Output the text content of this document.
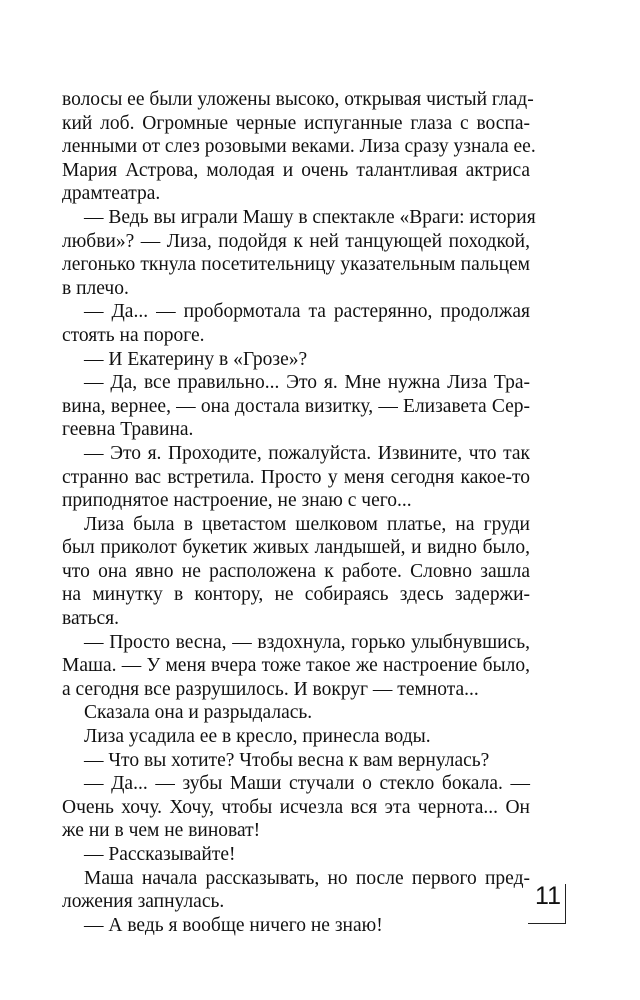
волосы ее были уложены высоко, открывая чистый глад-
кий лоб. Огромные черные испуганные глаза с воспа-
ленными от слез розовыми веками. Лиза сразу узнала ее.
Мария Астрова, молодая и очень талантливая актриса
драмтеатра.
— Ведь вы играли Машу в спектакле «Враги: история
любви»? — Лиза, подойдя к ней танцующей походкой,
легонько ткнула посетительницу указательным пальцем
в плечо.
— Да... — пробормотала та растерянно, продолжая
стоять на пороге.
— И Екатерину в «Грозе»?
— Да, все правильно... Это я. Мне нужна Лиза Тра-
вина, вернее, — она достала визитку, — Елизавета Сер-
геевна Травина.
— Это я. Проходите, пожалуйста. Извините, что так
странно вас встретила. Просто у меня сегодня какое-то
приподнятое настроение, не знаю с чего...
Лиза была в цветастом шелковом платье, на груди
был приколот букетик живых ландышей, и видно было,
что она явно не расположена к работе. Словно зашла
на минутку в контору, не собираясь здесь задержи-
ваться.
— Просто весна, — вздохнула, горько улыбнувшись,
Маша. — У меня вчера тоже такое же настроение было,
а сегодня все разрушилось. И вокруг — темнота...
Сказала она и разрыдалась.
Лиза усадила ее в кресло, принесла воды.
— Что вы хотите? Чтобы весна к вам вернулась?
— Да... — зубы Маши стучали о стекло бокала. —
Очень хочу. Хочу, чтобы исчезла вся эта чернота... Он
же ни в чем не виноват!
— Рассказывайте!
Маша начала рассказывать, но после первого пред-
ложения запнулась.
— А ведь я вообще ничего не знаю!
11
